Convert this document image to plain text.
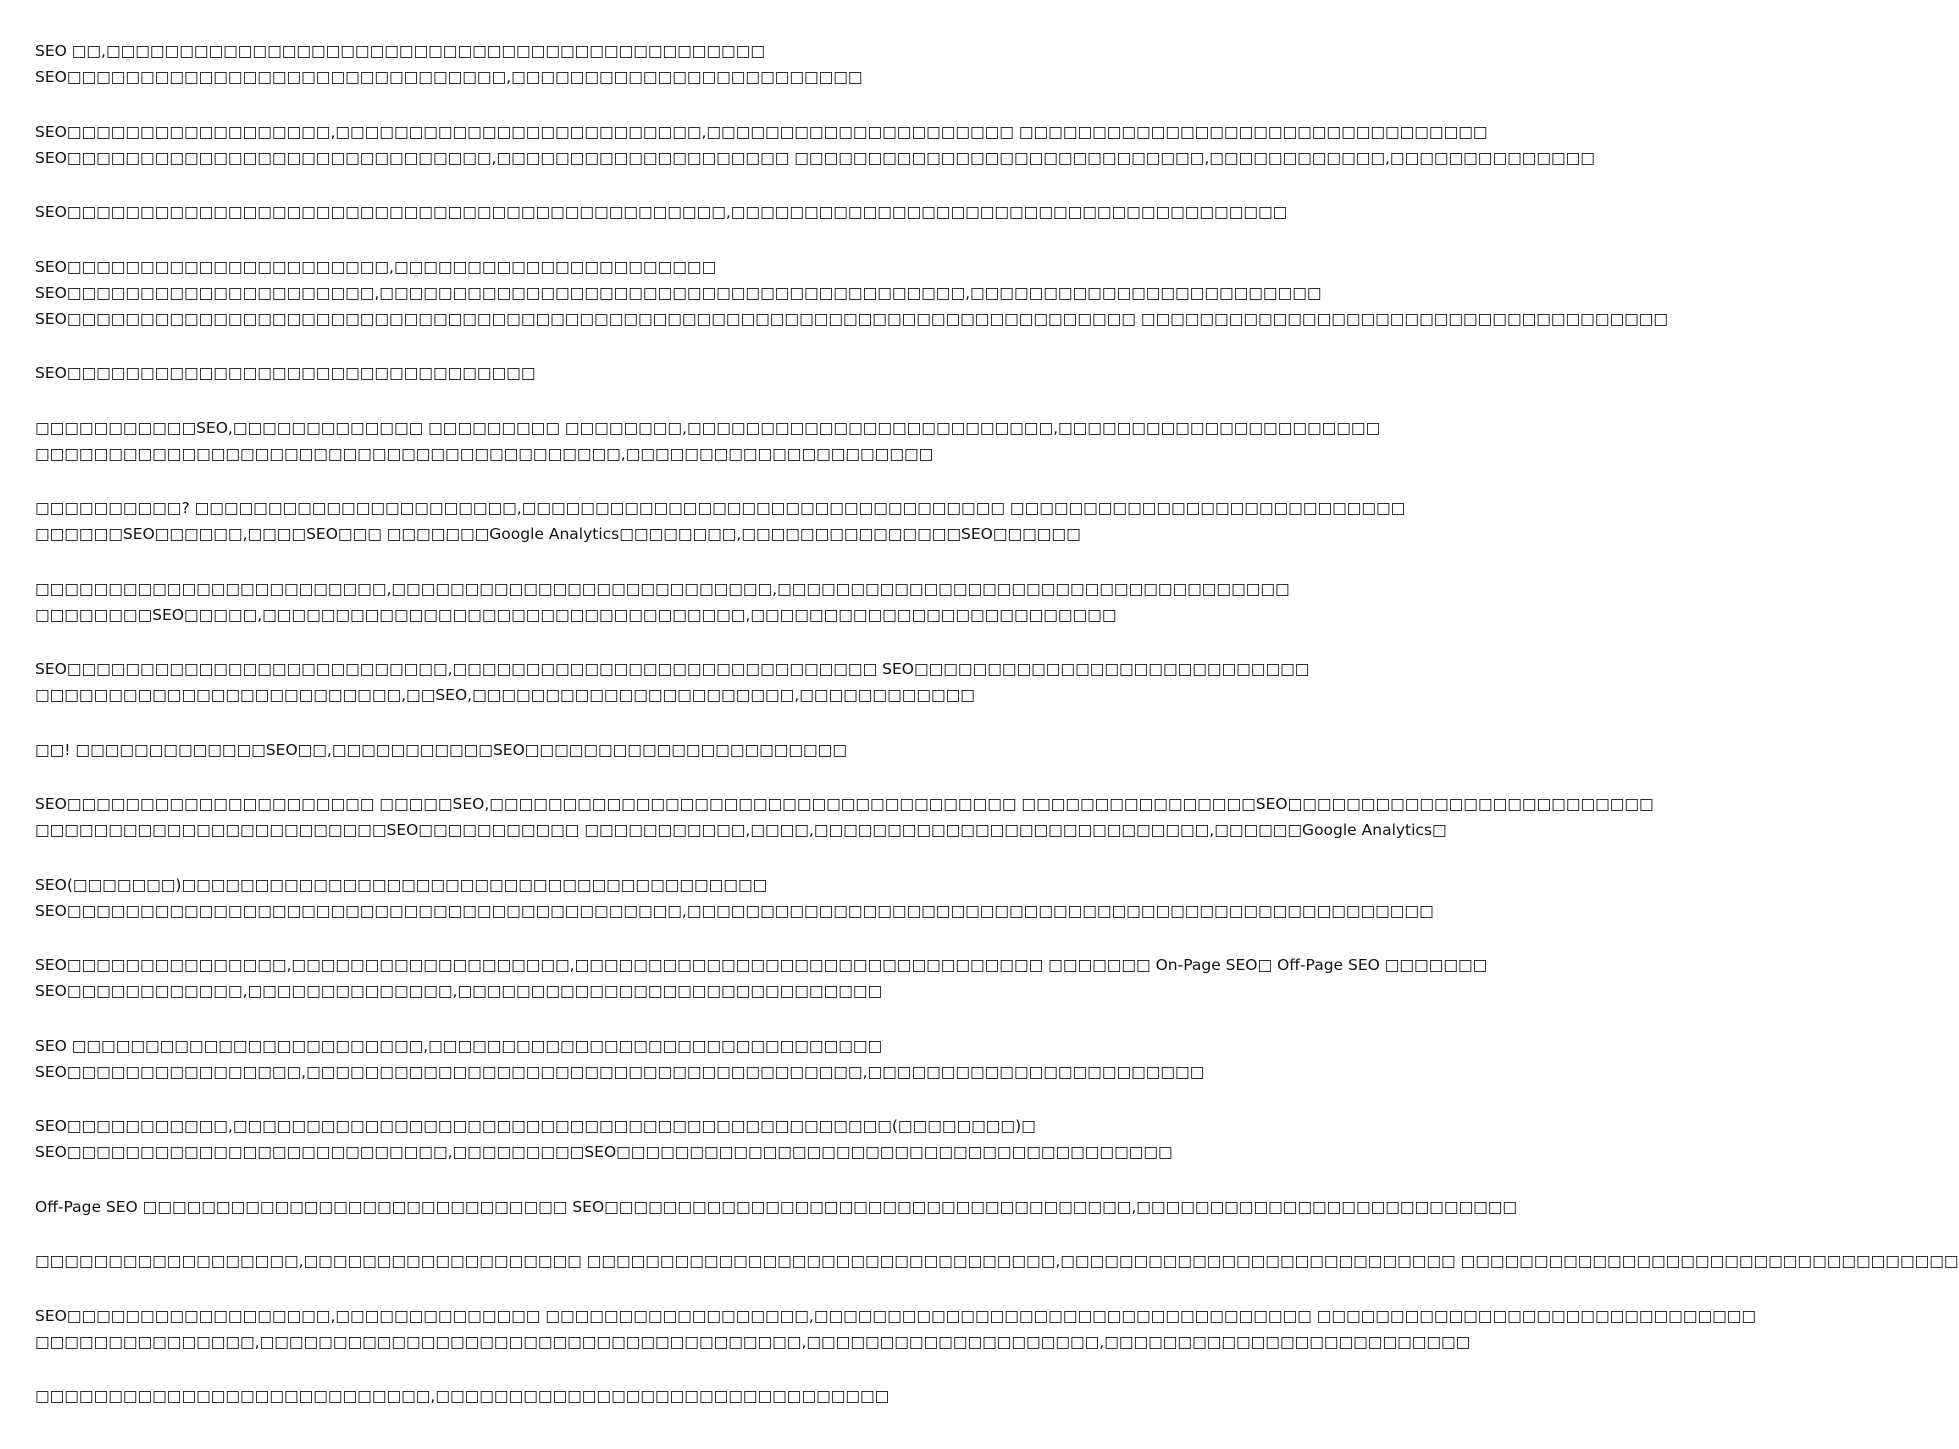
SEO □□,□□□□□□□□□□□□□□□□□□□□□□□□□□□□□□□□□□□□□□□□□□□□□
SEO□□□□□□□□□□□□□□□□□□□□□□□□□□□□□□,□□□□□□□□□□□□□□□□□□□□□□□□
SEO□□□□□□□□□□□□□□□□□□,□□□□□□□□□□□□□□□□□□□□□□□□□,□□□□□□□□□□□□□□□□□□□□□ □□□□□□□□□□□□□□□□□□□□□□□□□□□□□□□□
SEO□□□□□□□□□□□□□□□□□□□□□□□□□□□□□,□□□□□□□□□□□□□□□□□□□□ □□□□□□□□□□□□□□□□□□□□□□□□□□□□,□□□□□□□□□□□□,□□□□□□□□□□□□□□
SEO□□□□□□□□□□□□□□□□□□□□□□□□□□□□□□□□□□□□□□□□□□□□□,□□□□□□□□□□□□□□□□□□□□□□□□□□□□□□□□□□□□□□
SEO□□□□□□□□□□□□□□□□□□□□□□,□□□□□□□□□□□□□□□□□□□□□□
SEO□□□□□□□□□□□□□□□□□□□□□,□□□□□□□□□□□□□□□□□□□□□□□□□□□□□□□□□□□□□□□□,□□□□□□□□□□□□□□□□□□□□□□□□
SEO□□□□□□□□□□□□□□□□□□□□□□□□□□□□□□□□□□□□□□□□□□□□□□□□□□□□□□□□□□□□□□□□□□□□□□□□□ □□□□□□□□□□□□□□□□□□□□□□□□□□□□□□□□□□□□
SEO□□□□□□□□□□□□□□□□□□□□□□□□□□□□□□□□
□□□□□□□□□□□SEO,□□□□□□□□□□□□□ □□□□□□□□□ □□□□□□□□,□□□□□□□□□□□□□□□□□□□□□□□□□,□□□□□□□□□□□□□□□□□□□□□□
□□□□□□□□□□□□□□□□□□□□□□□□□□□□□□□□□□□□□□□□,□□□□□□□□□□□□□□□□□□□□□
□□□□□□□□□□? □□□□□□□□□□□□□□□□□□□□□□,□□□□□□□□□□□□□□□□□□□□□□□□□□□□□□□□□ □□□□□□□□□□□□□□□□□□□□□□□□□□□
□□□□□□SEO□□□□□□,□□□□SEO□□□ □□□□□□□Google Analytics□□□□□□□□,□□□□□□□□□□□□□□□SEO□□□□□□
□□□□□□□□□□□□□□□□□□□□□□□□,□□□□□□□□□□□□□□□□□□□□□□□□□□,□□□□□□□□□□□□□□□□□□□□□□□□□□□□□□□□□□□
□□□□□□□□SEO□□□□□,□□□□□□□□□□□□□□□□□□□□□□□□□□□□□□□□□,□□□□□□□□□□□□□□□□□□□□□□□□□
SEO□□□□□□□□□□□□□□□□□□□□□□□□□□,□□□□□□□□□□□□□□□□□□□□□□□□□□□□□ SEO□□□□□□□□□□□□□□□□□□□□□□□□□□□
□□□□□□□□□□□□□□□□□□□□□□□□□,□□SEO,□□□□□□□□□□□□□□□□□□□□□□,□□□□□□□□□□□□
□□! □□□□□□□□□□□□□SEO□□,□□□□□□□□□□□SEO□□□□□□□□□□□□□□□□□□□□□□
SEO□□□□□□□□□□□□□□□□□□□□□ □□□□□SEO,□□□□□□□□□□□□□□□□□□□□□□□□□□□□□□□□□□□□ □□□□□□□□□□□□□□□□SEO□□□□□□□□□□□□□□□□□□□□□□□□□
□□□□□□□□□□□□□□□□□□□□□□□□SEO□□□□□□□□□□□ □□□□□□□□□□□,□□□□,□□□□□□□□□□□□□□□□□□□□□□□□□□□,□□□□□□Google Analytics□
SEO(□□□□□□□)□□□□□□□□□□□□□□□□□□□□□□□□□□□□□□□□□□□□□□□□
SEO□□□□□□□□□□□□□□□□□□□□□□□□□□□□□□□□□□□□□□□□□□,□□□□□□□□□□□□□□□□□□□□□□□□□□□□□□□□□□□□□□□□□□□□□□□□□□□
SEO□□□□□□□□□□□□□□□,□□□□□□□□□□□□□□□□□□□,□□□□□□□□□□□□□□□□□□□□□□□□□□□□□□□□ □□□□□□□ On-Page SEO□ Off-Page SEO □□□□□□□
SEO□□□□□□□□□□□□,□□□□□□□□□□□□□□,□□□□□□□□□□□□□□□□□□□□□□□□□□□□□
SEO □□□□□□□□□□□□□□□□□□□□□□□□,□□□□□□□□□□□□□□□□□□□□□□□□□□□□□□□
SEO□□□□□□□□□□□□□□□□,□□□□□□□□□□□□□□□□□□□□□□□□□□□□□□□□□□□□□□,□□□□□□□□□□□□□□□□□□□□□□□
SEO□□□□□□□□□□□,□□□□□□□□□□□□□□□□□□□□□□□□□□□□□□□□□□□□□□□□□□□□□(□□□□□□□□)□
SEO□□□□□□□□□□□□□□□□□□□□□□□□□□,□□□□□□□□□SEO□□□□□□□□□□□□□□□□□□□□□□□□□□□□□□□□□□□□□□
Off-Page SEO □□□□□□□□□□□□□□□□□□□□□□□□□□□□□ SEO□□□□□□□□□□□□□□□□□□□□□□□□□□□□□□□□□□□□,□□□□□□□□□□□□□□□□□□□□□□□□□□
□□□□□□□□□□□□□□□□□□,□□□□□□□□□□□□□□□□□□□ □□□□□□□□□□□□□□□□□□□□□□□□□□□□□□□□,□□□□□□□□□□□□□□□□□□□□□□□□□□□ □□□□□□□□□□□□□□□□□□□□□□□□□□□□□□□□□□
SEO□□□□□□□□□□□□□□□□□□,□□□□□□□□□□□□□□ □□□□□□□□□□□□□□□□□□,□□□□□□□□□□□□□□□□□□□□□□□□□□□□□□□□□□ □□□□□□□□□□□□□□□□□□□□□□□□□□□□□□
□□□□□□□□□□□□□□□,□□□□□□□□□□□□□□□□□□□□□□□□□□□□□□□□□□□□□,□□□□□□□□□□□□□□□□□□□□,□□□□□□□□□□□□□□□□□□□□□□□□□
□□□□□□□□□□□□□□□□□□□□□□□□□□□,□□□□□□□□□□□□□□□□□□□□□□□□□□□□□□□
